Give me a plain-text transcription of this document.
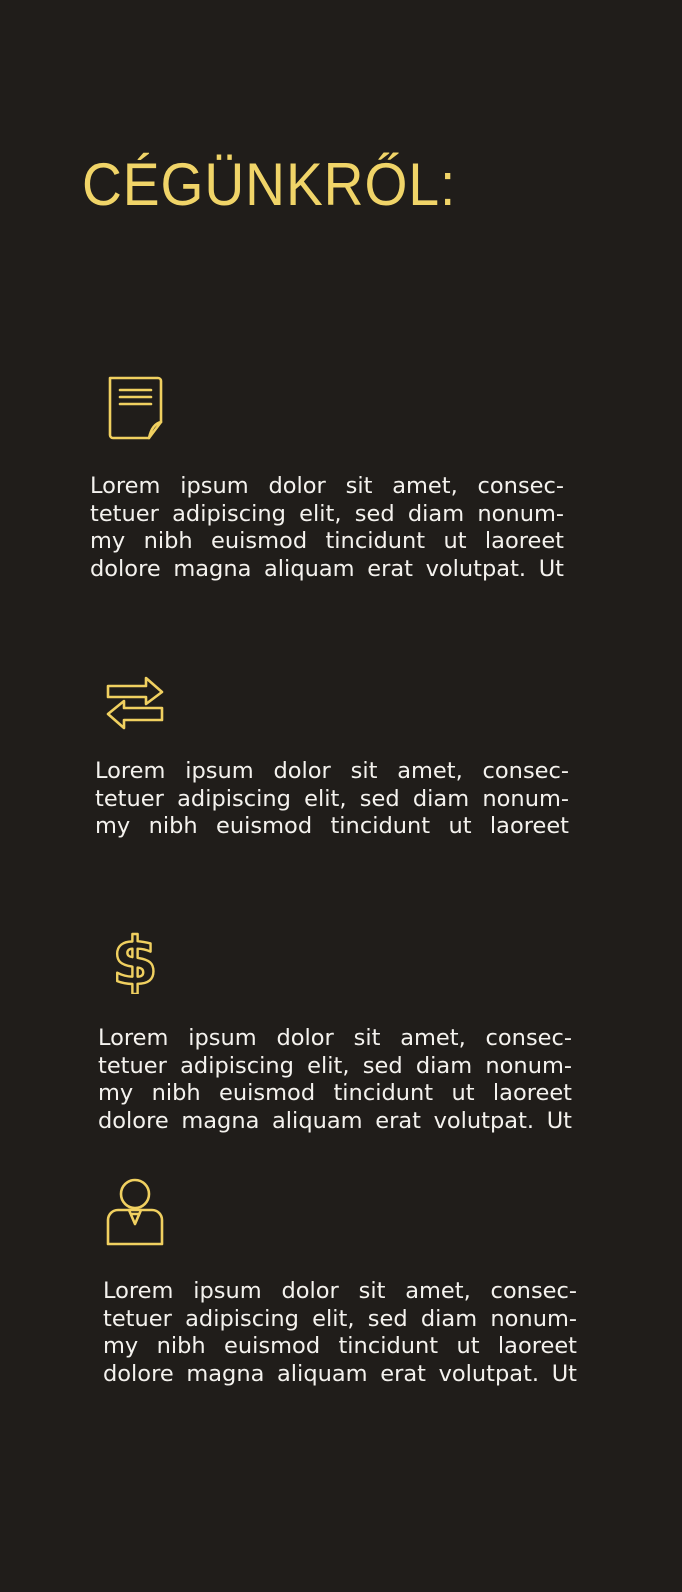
CÉGÜNKRŐL:
Lorem ipsum dolor sit amet, consec-
tetuer adipiscing elit, sed diam nonum-
my nibh euismod tincidunt ut laoreet
dolore magna aliquam erat volutpat. Ut
Lorem ipsum dolor sit amet, consec-
tetuer adipiscing elit, sed diam nonum-
my nibh euismod tincidunt ut laoreet
$
Lorem ipsum dolor sit amet, consec-
tetuer adipiscing elit, sed diam nonum-
my nibh euismod tincidunt ut laoreet
dolore magna aliquam erat volutpat. Ut
Lorem ipsum dolor sit amet, consec-
tetuer adipiscing elit, sed diam nonum-
my nibh euismod tincidunt ut laoreet
dolore magna aliquam erat volutpat. Ut
